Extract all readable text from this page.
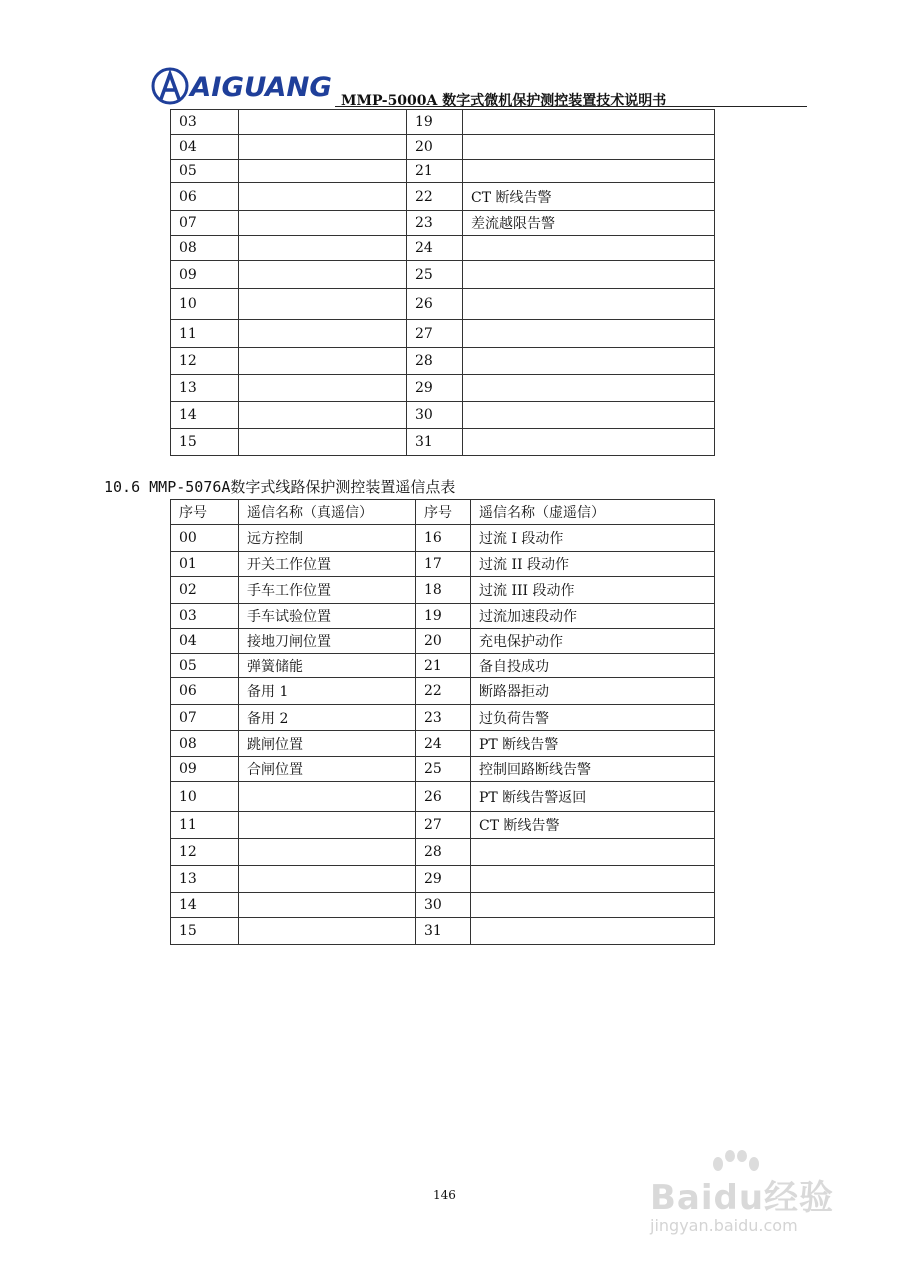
AIGUANG MMP-5000A 数字式微机保护测控装置技术说明书
03		19	
04		20	
05		21	
06		22	CT 断线告警
07		23	差流越限告警
08		24	
09		25	
10		26	
11		27	
12		28	
13		29	
14		30	
15		31	
10.6 MMP-5076A数字式线路保护测控装置遥信点表
序号	遥信名称（真遥信）	序号	遥信名称（虚遥信）
00	远方控制	16	过流 I 段动作
01	开关工作位置	17	过流 II 段动作
02	手车工作位置	18	过流 III 段动作
03	手车试验位置	19	过流加速段动作
04	接地刀闸位置	20	充电保护动作
05	弹簧储能	21	备自投成功
06	备用 1	22	断路器拒动
07	备用 2	23	过负荷告警
08	跳闸位置	24	PT 断线告警
09	合闸位置	25	控制回路断线告警
10		26	PT 断线告警返回
11		27	CT 断线告警
12		28	
13		29	
14		30	
15		31	
146	Baidu经验
jingyan.baidu.com
